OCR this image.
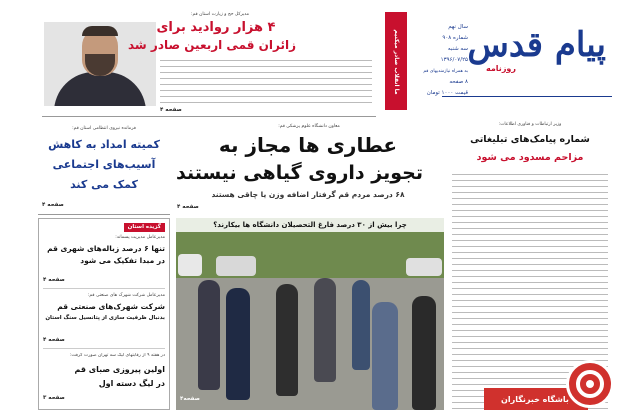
پیام قدس
روزنامه
سال نهم
شماره ۹۰۸
سه شنبه
۱۳۹۶/۰۷/۲۵
به همراه نیازمندیهای قم
۸ صفحه
قیمت ۱۰۰۰ تومان
ما انقلاب صادر میکنیم
مدیرکل حج و زیارت استان قم:
۴ هزار روادید برای
زائران قمی اربعین صادر شد
صفحه ۴
فرمانده نیروی انتظامی استان قم:
کمیته امداد به کاهش
آسیب‌های اجتماعی
کمک می کند
صفحه ۴
معاون دانشگاه علوم پزشکی قم:
عطاری ها مجاز به
تجویز داروی گیاهی نیستند
۶۸ درصد مردم قم گرفتار اضافه وزن یا چاقی هستند
صفحه ۴
وزیر ارتباطات و فناوری اطلاعات:
شماره پیامک‌های تبلیغاتی
مزاحم مسدود می شود
گزیده استان
مدیرعامل مدیریت پسماند:
تنها ۶ درصد زباله‌های شهری قم
در مبدا تفکیک می شود
صفحه ۴
مدیرعامل شرکت شهرک های صنعتی قم:
شرکت شهرک‌های صنعتی قم
بدنبال ظرفیت سازی از پتانسیل سنگ استان
صفحه ۴
در هفته ۹ از رقابتهای لیگ سه تهران صورت گرفت:
اولین پیروزی صبای قم
در لیگ دسته اول
صفحه ۳
چرا بیش از ۳۰ درصد فارغ التحصیلان دانشگاه ها بیکارند؟
صفحه۴	باشگاه خبرنگاران
